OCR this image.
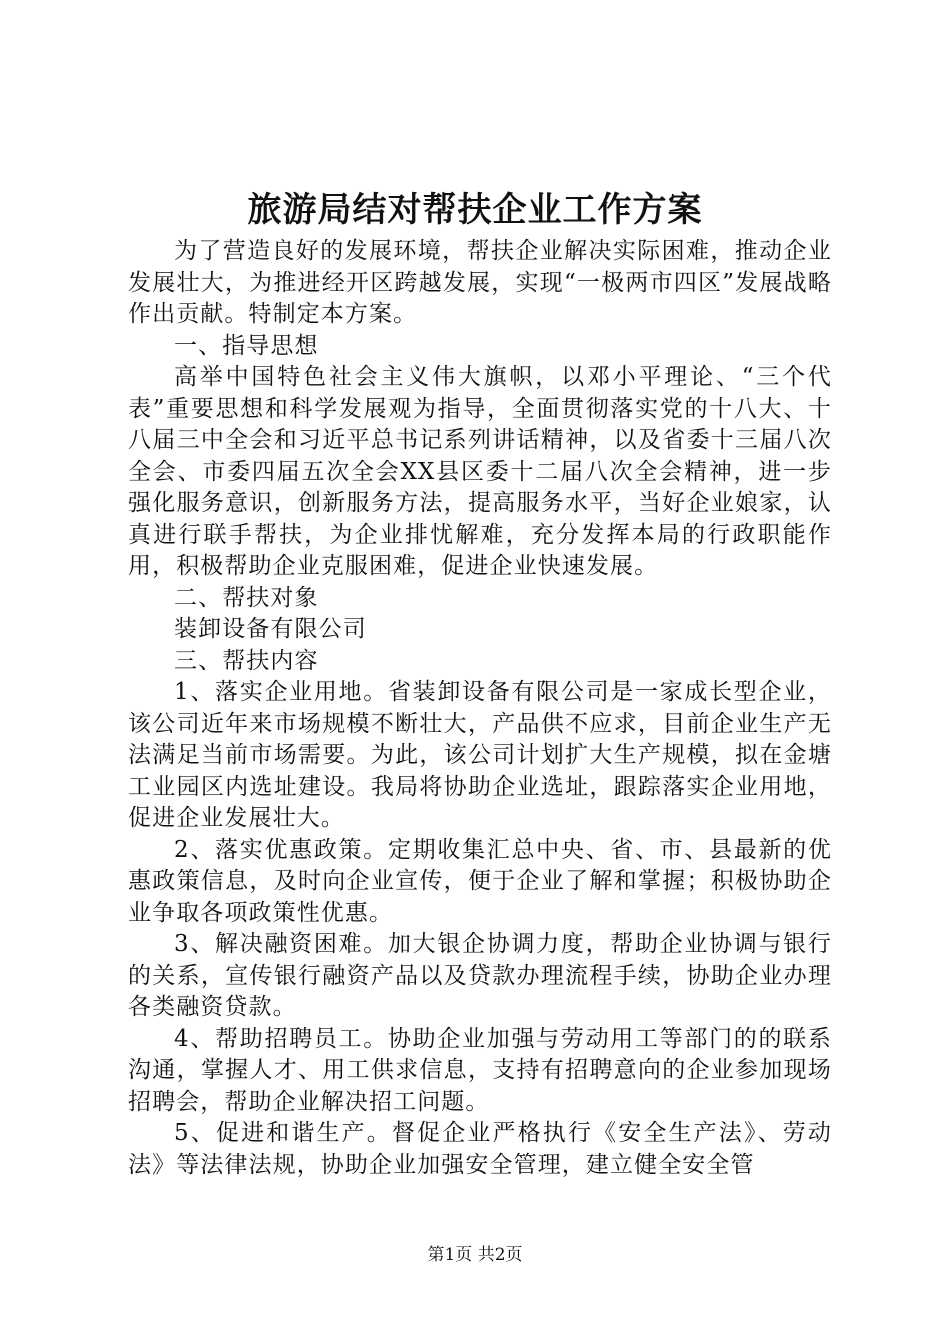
旅游局结对帮扶企业工作方案

为了营造良好的发展环境，帮扶企业解决实际困难，推动企业发展壮大，为推进经开区跨越发展，实现“一极两市四区”发展战略作出贡献。特制定本方案。

一、指导思想

高举中国特色社会主义伟大旗帜，以邓小平理论、“三个代表”重要思想和科学发展观为指导，全面贯彻落实党的十八大、十八届三中全会和习近平总书记系列讲话精神，以及省委十三届八次全会、市委四届五次全会XX县区委十二届八次全会精神，进一步强化服务意识，创新服务方法，提高服务水平，当好企业娘家，认真进行联手帮扶，为企业排忧解难，充分发挥本局的行政职能作用，积极帮助企业克服困难，促进企业快速发展。

二、帮扶对象

装卸设备有限公司

三、帮扶内容

1、落实企业用地。省装卸设备有限公司是一家成长型企业，该公司近年来市场规模不断壮大，产品供不应求，目前企业生产无法满足当前市场需要。为此，该公司计划扩大生产规模，拟在金塘工业园区内选址建设。我局将协助企业选址，跟踪落实企业用地，促进企业发展壮大。

2、落实优惠政策。定期收集汇总中央、省、市、县最新的优惠政策信息，及时向企业宣传，便于企业了解和掌握；积极协助企业争取各项政策性优惠。

3、解决融资困难。加大银企协调力度，帮助企业协调与银行的关系，宣传银行融资产品以及贷款办理流程手续，协助企业办理各类融资贷款。

4、帮助招聘员工。协助企业加强与劳动用工等部门的的联系沟通，掌握人才、用工供求信息，支持有招聘意向的企业参加现场招聘会，帮助企业解决招工问题。

5、促进和谐生产。督促企业严格执行《安全生产法》、劳动法》等法律法规，协助企业加强安全管理，建立健全安全管

第1页 共2页
